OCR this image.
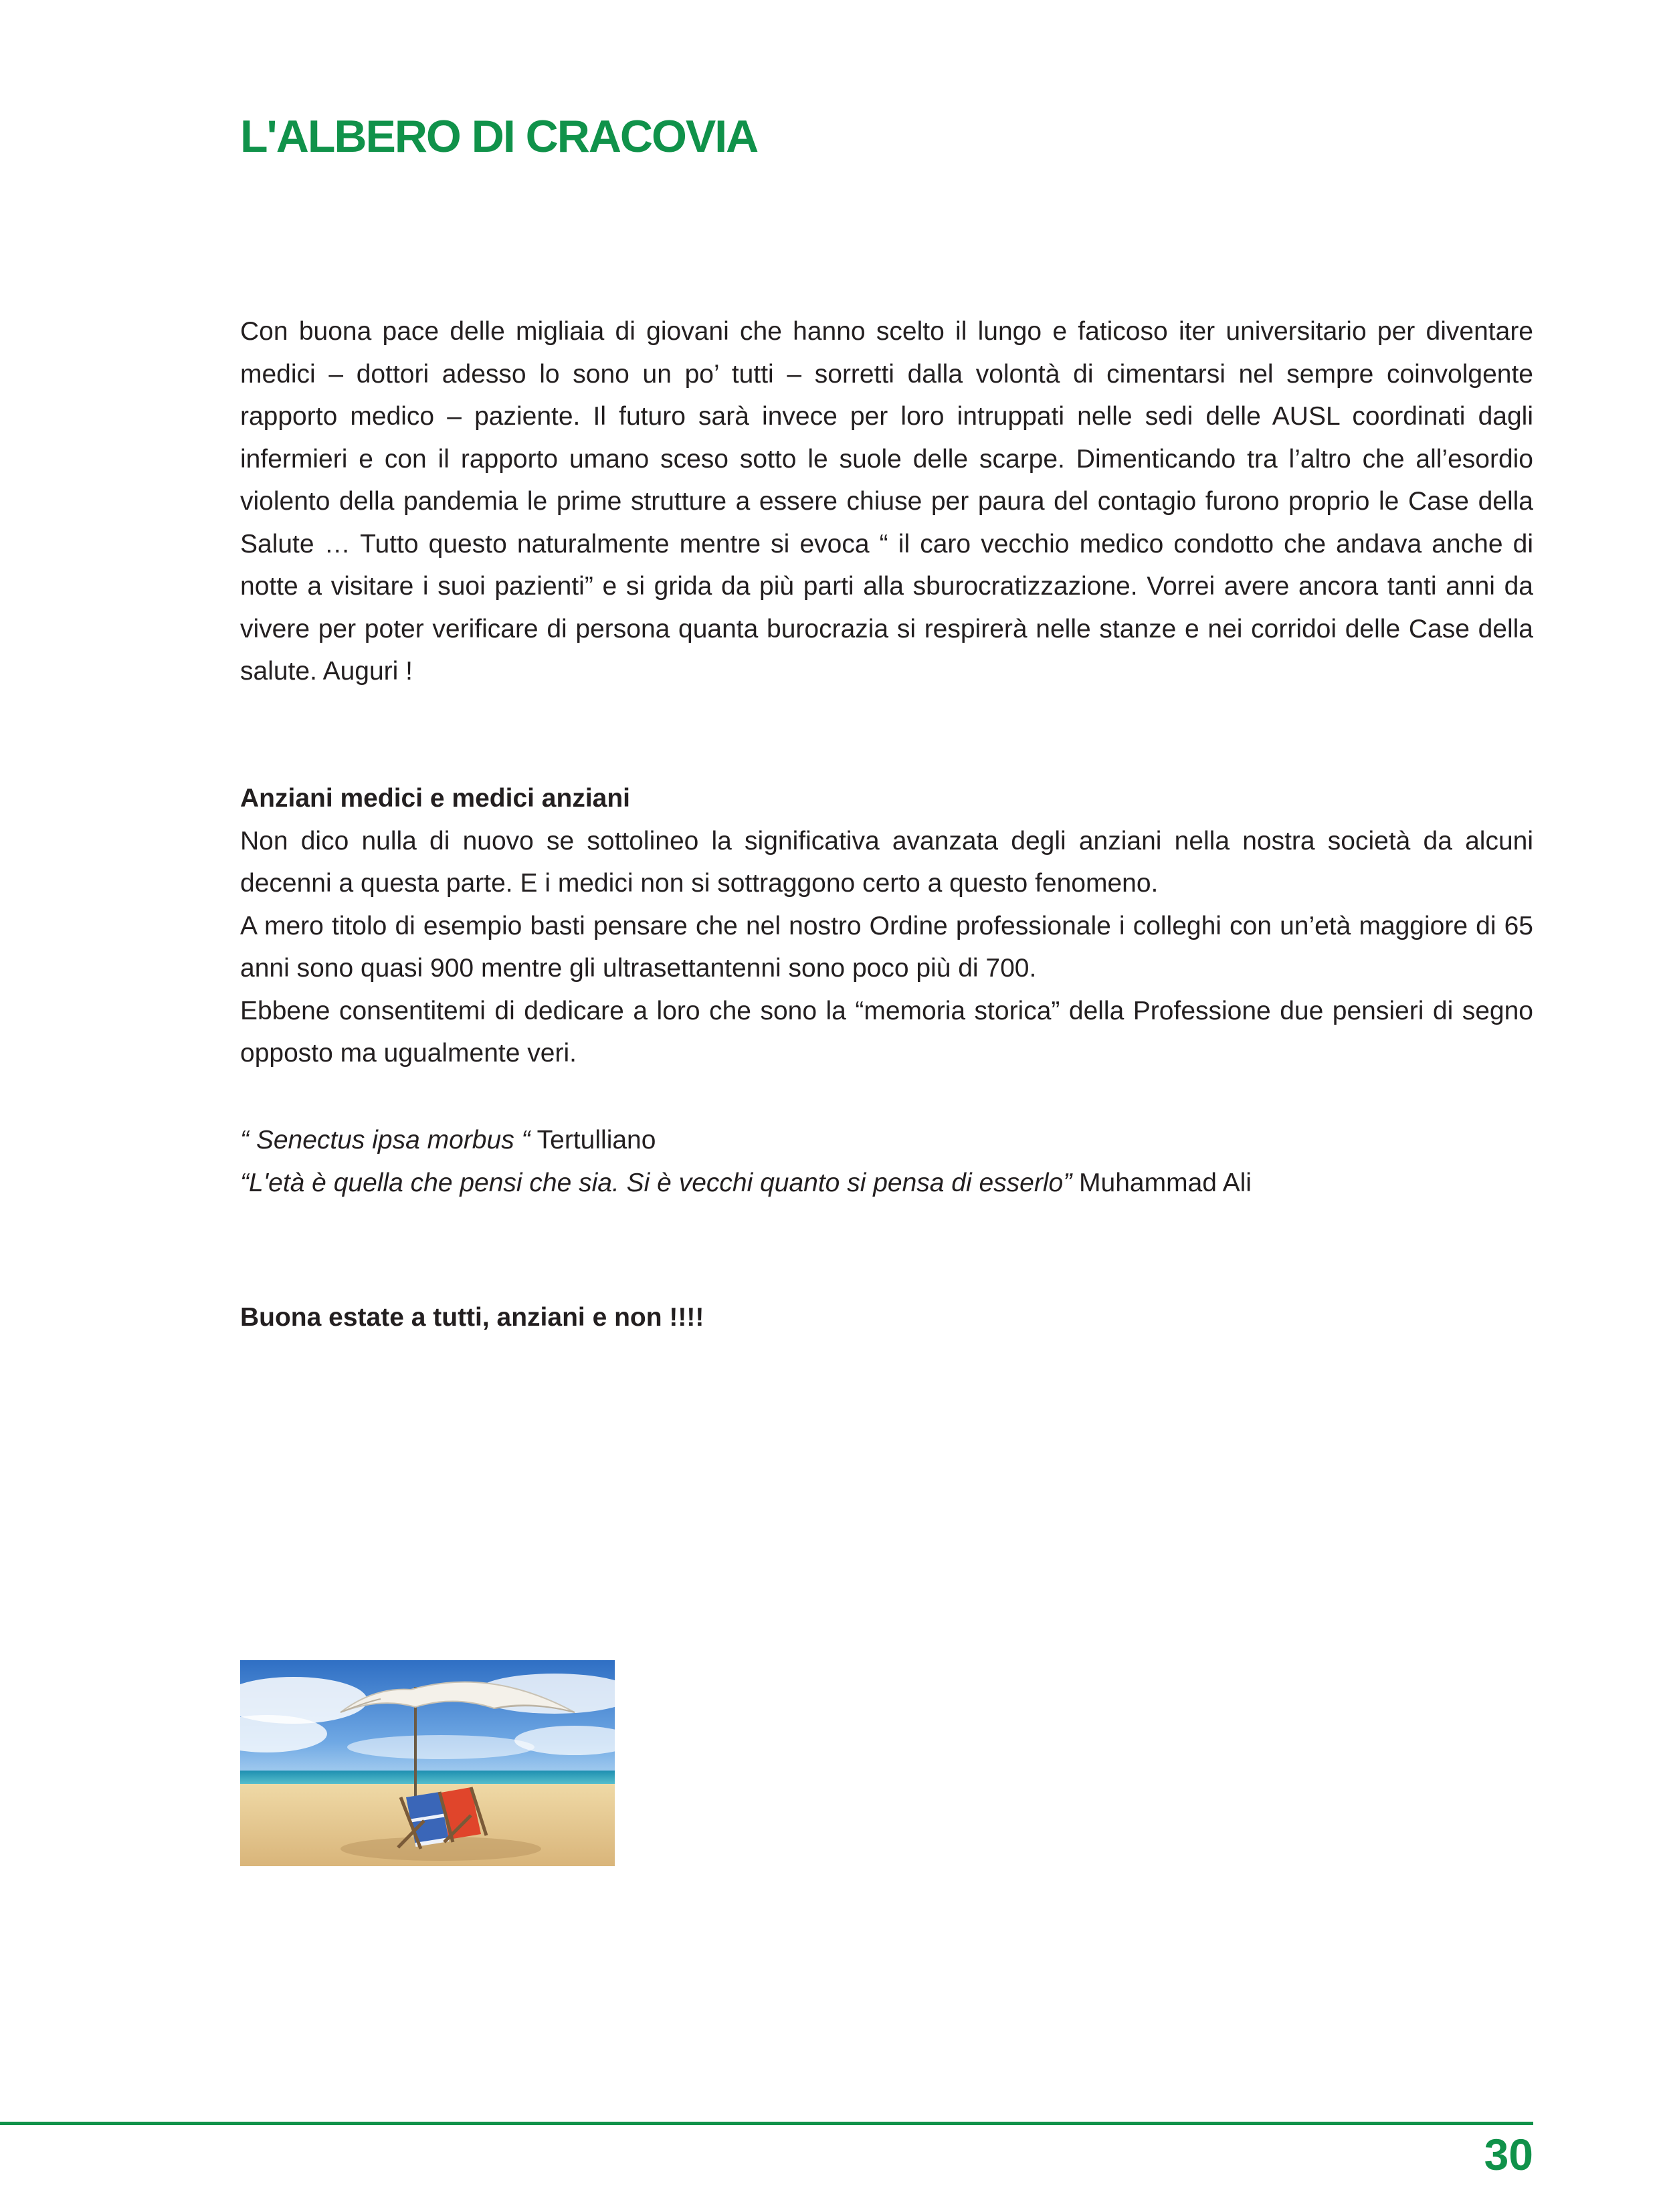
L'ALBERO DI CRACOVIA

Con buona pace delle migliaia di giovani che hanno scelto il lungo e faticoso iter universitario per diventare medici – dottori adesso lo sono un po’ tutti – sorretti dalla volontà di cimentarsi nel sempre coinvolgente rapporto medico – paziente. Il futuro sarà invece per loro intruppati nelle sedi delle AUSL coordinati dagli infermieri e con il rapporto umano sceso sotto le suole delle scarpe. Dimenticando tra l’altro che all’esordio violento della pandemia le prime strutture a essere chiuse per paura del contagio furono proprio le Case della Salute … Tutto questo naturalmente mentre si evoca “ il caro vecchio medico condotto che andava anche di notte a visitare i suoi pazienti” e si grida da più parti alla sburocratizzazione. Vorrei avere ancora tanti anni da vivere per poter verificare di persona quanta burocrazia si respirerà nelle stanze e nei corridoi delle Case della salute. Auguri !

Anziani medici e medici anziani

Non dico nulla di nuovo se sottolineo la significativa avanzata degli anziani nella nostra società da alcuni decenni a questa parte. E i medici non si sottraggono certo a questo fenomeno.

A mero titolo di esempio basti pensare che nel nostro Ordine professionale i colleghi con un’età maggiore di 65 anni sono quasi 900 mentre gli ultrasettantenni sono poco più di 700.

Ebbene consentitemi di dedicare a loro che sono la “memoria storica” della Professione due pensieri di segno opposto ma ugualmente veri.

“ Senectus ipsa morbus “ Tertulliano

“L'età è quella che pensi che sia. Si è vecchi quanto si pensa di esserlo” Muhammad Ali

Buona estate a tutti, anziani e non !!!!

30
